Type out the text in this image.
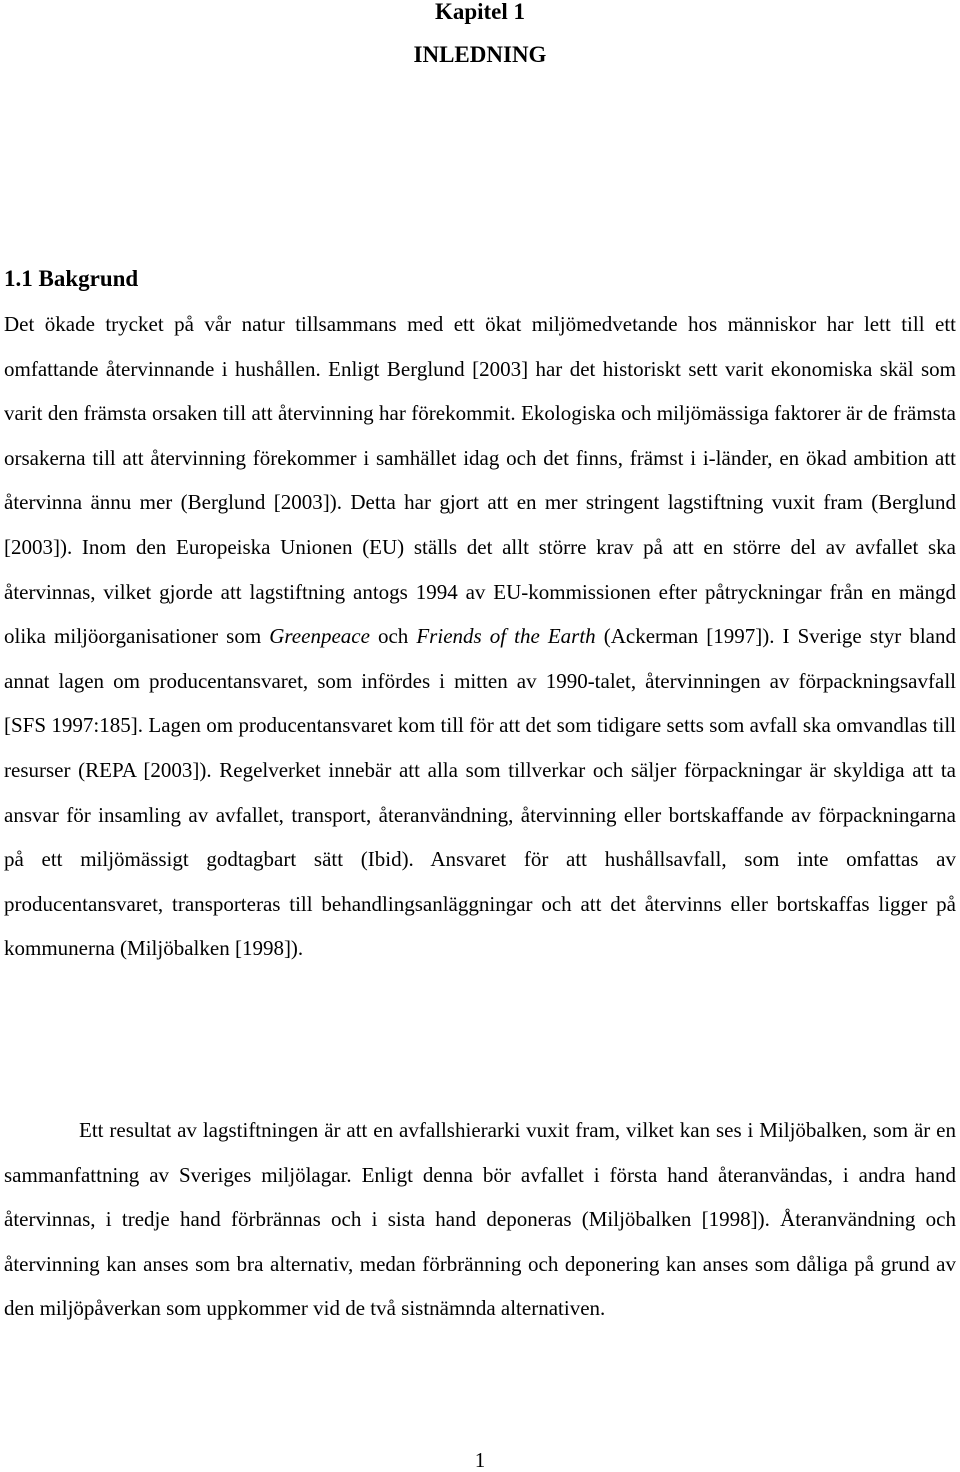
Kapitel 1
INLEDNING
1.1 Bakgrund

Det ökade trycket på vår natur tillsammans med ett ökat miljömedvetande hos människor har lett till ett omfattande återvinnande i hushållen. Enligt Berglund [2003] har det historiskt sett varit ekonomiska skäl som varit den främsta orsaken till att återvinning har förekommit. Ekologiska och miljömässiga faktorer är de främsta orsakerna till att återvinning förekommer i samhället idag och det finns, främst i i-länder, en ökad ambition att återvinna ännu mer (Berglund [2003]). Detta har gjort att en mer stringent lagstiftning vuxit fram (Berglund [2003]). Inom den Europeiska Unionen (EU) ställs det allt större krav på att en större del av avfallet ska återvinnas, vilket gjorde att lagstiftning antogs 1994 av EU-kommissionen efter påtryckningar från en mängd olika miljöorganisationer som Greenpeace och Friends of the Earth (Ackerman [1997]). I Sverige styr bland annat lagen om producentansvaret, som infördes i mitten av 1990-talet, återvinningen av förpackningsavfall [SFS 1997:185]. Lagen om producentansvaret kom till för att det som tidigare setts som avfall ska omvandlas till resurser (REPA [2003]). Regelverket innebär att alla som tillverkar och säljer förpackningar är skyldiga att ta ansvar för insamling av avfallet, transport, återanvändning, återvinning eller bortskaffande av förpackningarna på ett miljömässigt godtagbart sätt (Ibid). Ansvaret för att hushållsavfall, som inte omfattas av producentansvaret, transporteras till behandlingsanläggningar och att det återvinns eller bortskaffas ligger på kommunerna (Miljöbalken [1998]).

Ett resultat av lagstiftningen är att en avfallshierarki vuxit fram, vilket kan ses i Miljöbalken, som är en sammanfattning av Sveriges miljölagar. Enligt denna bör avfallet i första hand återanvändas, i andra hand återvinnas, i tredje hand förbrännas och i sista hand deponeras (Miljöbalken [1998]). Återanvändning och återvinning kan anses som bra alternativ, medan förbränning och deponering kan anses som dåliga på grund av den miljöpåverkan som uppkommer vid de två sistnämnda alternativen.

1
